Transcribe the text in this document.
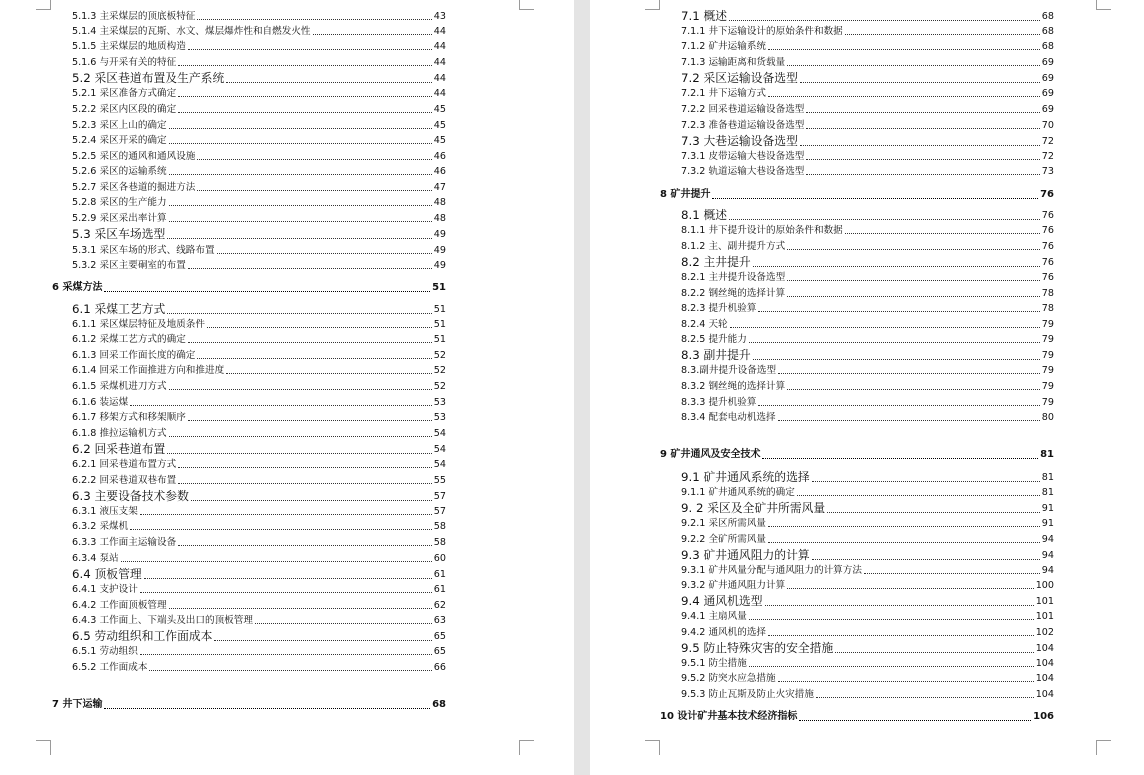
5.1.3 主采煤层的顶底板特征	43
5.1.4 主采煤层的瓦斯、水文、煤层爆炸性和自燃发火性	44
5.1.5 主采煤层的地质构造	44
5.1.6 与开采有关的特征	44
5.2 采区巷道布置及生产系统	44
5.2.1 采区准备方式确定	44
5.2.2 采区内区段的确定	45
5.2.3 采区上山的确定	45
5.2.4 采区开采的确定	45
5.2.5 采区的通风和通风设施	46
5.2.6 采区的运输系统	46
5.2.7 采区各巷道的掘进方法	47
5.2.8 采区的生产能力	48
5.2.9 采区采出率计算	48
5.3 采区车场选型	49
5.3.1 采区车场的形式、线路布置	49
5.3.2 采区主要硐室的布置	49
6 采煤方法	51
6.1 采煤工艺方式	51
6.1.1 采区煤层特征及地质条件	51
6.1.2 采煤工艺方式的确定	51
6.1.3 回采工作面长度的确定	52
6.1.4 回采工作面推进方向和推进度	52
6.1.5 采煤机进刀方式	52
6.1.6 装运煤	53
6.1.7 移架方式和移架顺序	53
6.1.8 推拉运输机方式	54
6.2 回采巷道布置	54
6.2.1 回采巷道布置方式	54
6.2.2 回采巷道双巷布置	55
6.3 主要设备技术参数	57
6.3.1 液压支架	57
6.3.2 采煤机	58
6.3.3 工作面主运输设备	58
6.3.4 泵站	60
6.4 顶板管理	61
6.4.1 支护设计	61
6.4.2 工作面顶板管理	62
6.4.3 工作面上、下端头及出口的顶板管理	63
6.5 劳动组织和工作面成本	65
6.5.1 劳动组织	65
6.5.2 工作面成本	66
7 井下运输	68
7.1 概述	68
7.1.1 井下运输设计的原始条件和数据	68
7.1.2 矿井运输系统	68
7.1.3 运输距离和货载量	69
7.2 采区运输设备选型	69
7.2.1 井下运输方式	69
7.2.2 回采巷道运输设备选型	69
7.2.3 准备巷道运输设备选型	70
7.3 大巷运输设备选型	72
7.3.1 皮带运输大巷设备选型	72
7.3.2 轨道运输大巷设备选型	73
8 矿井提升	76
8.1 概述	76
8.1.1 井下提升设计的原始条件和数据	76
8.1.2 主、副井提升方式	76
8.2 主井提升	76
8.2.1 主井提升设备选型	76
8.2.2 钢丝绳的选择计算	78
8.2.3 提升机验算	78
8.2.4 天轮	79
8.2.5 提升能力	79
8.3 副井提升	79
8.3.副井提升设备选型	79
8.3.2 钢丝绳的选择计算	79
8.3.3 提升机验算	79
8.3.4 配套电动机选择	80
9 矿井通风及安全技术	81
9.1 矿井通风系统的选择	81
9.1.1 矿井通风系统的确定	81
9. 2 采区及全矿井所需风量	91
9.2.1 采区所需风量	91
9.2.2 全矿所需风量	94
9.3 矿井通风阻力的计算	94
9.3.1 矿井风量分配与通风阻力的计算方法	94
9.3.2 矿井通风阻力计算	100
9.4 通风机选型	101
9.4.1 主扇风量	101
9.4.2 通风机的选择	102
9.5 防止特殊灾害的安全措施	104
9.5.1 防尘措施	104
9.5.2 防突水应急措施	104
9.5.3 防止瓦斯及防止火灾措施	104
10 设计矿井基本技术经济指标	106
